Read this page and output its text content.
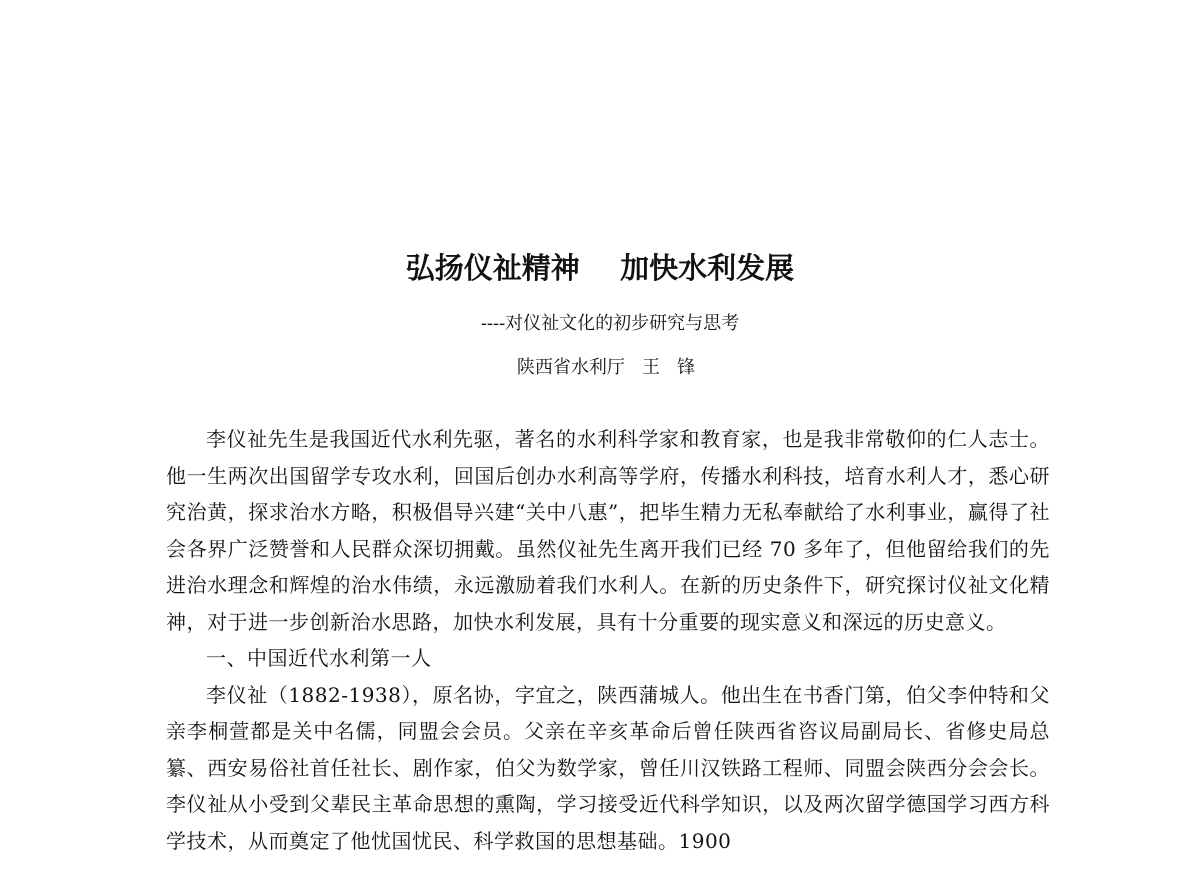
弘扬仪祉精神    加快水利发展
----对仪祉文化的初步研究与思考
陕西省水利厅   王   锋

李仪祉先生是我国近代水利先驱，著名的水利科学家和教育家，也是我非常敬仰的仁人志士。他一生两次出国留学专攻水利，回国后创办水利高等学府，传播水利科技，培育水利人才，悉心研究治黄，探求治水方略，积极倡导兴建“关中八惠”，把毕生精力无私奉献给了水利事业，赢得了社会各界广泛赞誉和人民群众深切拥戴。虽然仪祉先生离开我们已经 70 多年了，但他留给我们的先进治水理念和辉煌的治水伟绩，永远激励着我们水利人。在新的历史条件下，研究探讨仪祉文化精神，对于进一步创新治水思路，加快水利发展，具有十分重要的现实意义和深远的历史意义。

一、中国近代水利第一人

李仪祉（1882-1938），原名协，字宜之，陕西蒲城人。他出生在书香门第，伯父李仲特和父亲李桐萱都是关中名儒，同盟会会员。父亲在辛亥革命后曾任陕西省咨议局副局长、省修史局总纂、西安易俗社首任社长、剧作家，伯父为数学家，曾任川汉铁路工程师、同盟会陕西分会会长。李仪祉从小受到父辈民主革命思想的熏陶，学习接受近代科学知识，以及两次留学德国学习西方科学技术，从而奠定了他忧国忧民、科学救国的思想基础。1900
